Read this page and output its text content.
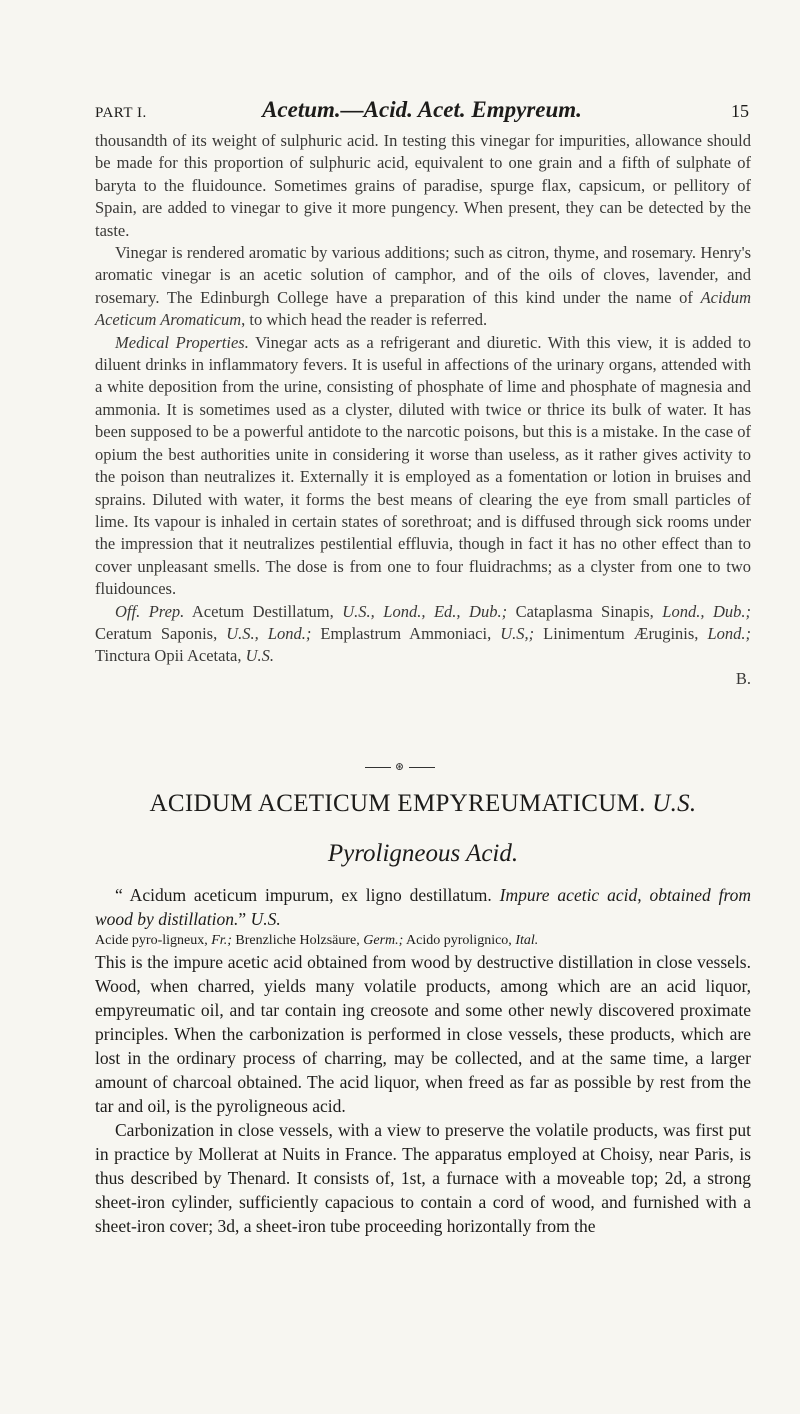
PART I.	Acetum.—Acid. Acet. Empyreum.	15

thousandth of its weight of sulphuric acid. In testing this vinegar for impurities, allowance should be made for this proportion of sulphuric acid, equivalent to one grain and a fifth of sulphate of baryta to the fluidounce. Sometimes grains of paradise, spurge flax, capsicum, or pellitory of Spain, are added to vinegar to give it more pungency. When present, they can be detected by the taste.

Vinegar is rendered aromatic by various additions; such as citron, thyme, and rosemary. Henry's aromatic vinegar is an acetic solution of camphor, and of the oils of cloves, lavender, and rosemary. The Edinburgh College have a preparation of this kind under the name of Acidum Aceticum Aromaticum, to which head the reader is referred.

Medical Properties. Vinegar acts as a refrigerant and diuretic. With this view, it is added to diluent drinks in inflammatory fevers. It is useful in affections of the urinary organs, attended with a white deposition from the urine, consisting of phosphate of lime and phosphate of magnesia and ammonia. It is sometimes used as a clyster, diluted with twice or thrice its bulk of water. It has been supposed to be a powerful antidote to the narcotic poisons, but this is a mistake. In the case of opium the best authorities unite in considering it worse than useless, as it rather gives activity to the poison than neutralizes it. Externally it is employed as a fomentation or lotion in bruises and sprains. Diluted with water, it forms the best means of clearing the eye from small particles of lime. Its vapour is inhaled in certain states of sorethroat; and is diffused through sick rooms under the impression that it neutralizes pestilential effluvia, though in fact it has no other effect than to cover unpleasant smells. The dose is from one to four fluidrachms; as a clyster from one to two fluidounces.

Off. Prep. Acetum Destillatum, U.S., Lond., Ed., Dub.; Cataplasma Sinapis, Lond., Dub.; Ceratum Saponis, U.S., Lond.; Emplastrum Ammoniaci, U.S,; Linimentum Æruginis, Lond.; Tinctura Opii Acetata, U.S.

B.
⊛
ACIDUM ACETICUM EMPYREUMATICUM. U.S.
Pyroligneous Acid.

“ Acidum aceticum impurum, ex ligno destillatum. Impure acetic acid, obtained from wood by distillation.” U.S.

Acide pyro-ligneux, Fr.; Brenzliche Holzsäure, Germ.; Acido pyrolignico, Ital.

This is the impure acetic acid obtained from wood by destructive distillation in close vessels. Wood, when charred, yields many volatile products, among which are an acid liquor, empyreumatic oil, and tar contain ing creosote and some other newly discovered proximate principles. When the carbonization is performed in close vessels, these products, which are lost in the ordinary process of charring, may be collected, and at the same time, a larger amount of charcoal obtained. The acid liquor, when freed as far as possible by rest from the tar and oil, is the pyroligneous acid.

Carbonization in close vessels, with a view to preserve the volatile products, was first put in practice by Mollerat at Nuits in France. The apparatus employed at Choisy, near Paris, is thus described by Thenard. It consists of, 1st, a furnace with a moveable top; 2d, a strong sheet-iron cylinder, sufficiently capacious to contain a cord of wood, and furnished with a sheet-iron cover; 3d, a sheet-iron tube proceeding horizontally from the
